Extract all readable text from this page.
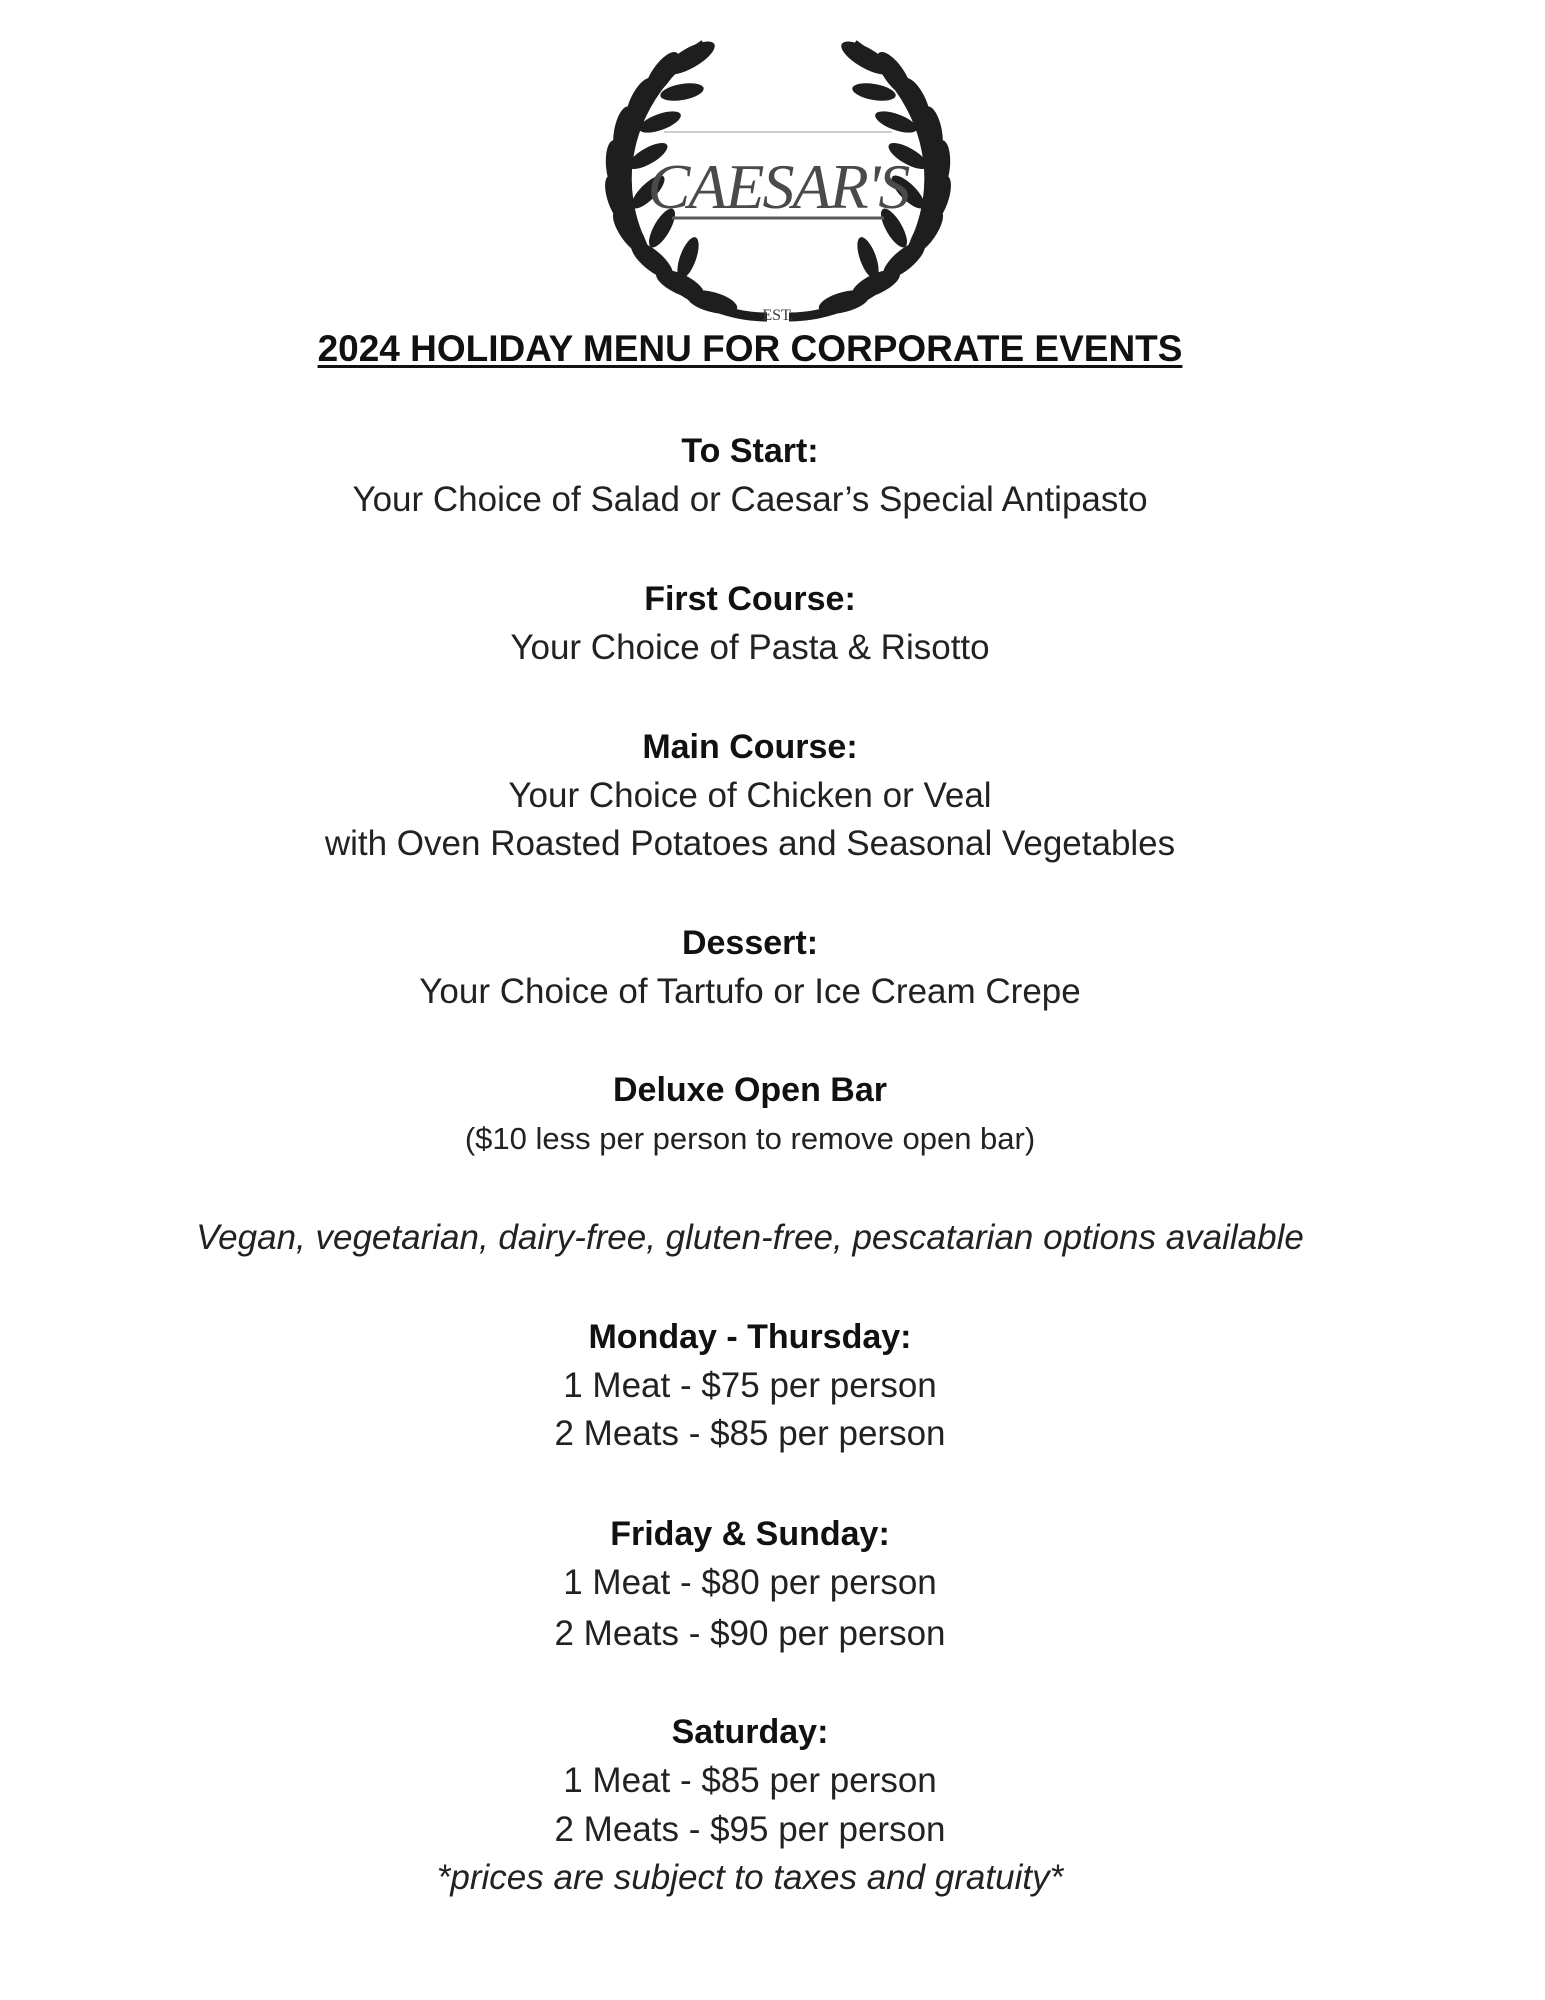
CAESAR'S
EST.
2024 HOLIDAY MENU FOR CORPORATE EVENTS
To Start:
Your Choice of Salad or Caesar’s Special Antipasto
First Course:
Your Choice of Pasta & Risotto
Main Course:
Your Choice of Chicken or Veal
with Oven Roasted Potatoes and Seasonal Vegetables
Dessert:
Your Choice of Tartufo or Ice Cream Crepe
Deluxe Open Bar
($10 less per person to remove open bar)
Vegan, vegetarian, dairy-free, gluten-free, pescatarian options available
Monday - Thursday:
1 Meat - $75 per person
2 Meats - $85 per person
Friday & Sunday:
1 Meat - $80 per person
2 Meats - $90 per person
Saturday:
1 Meat - $85 per person
2 Meats - $95 per person
*prices are subject to taxes and gratuity*
